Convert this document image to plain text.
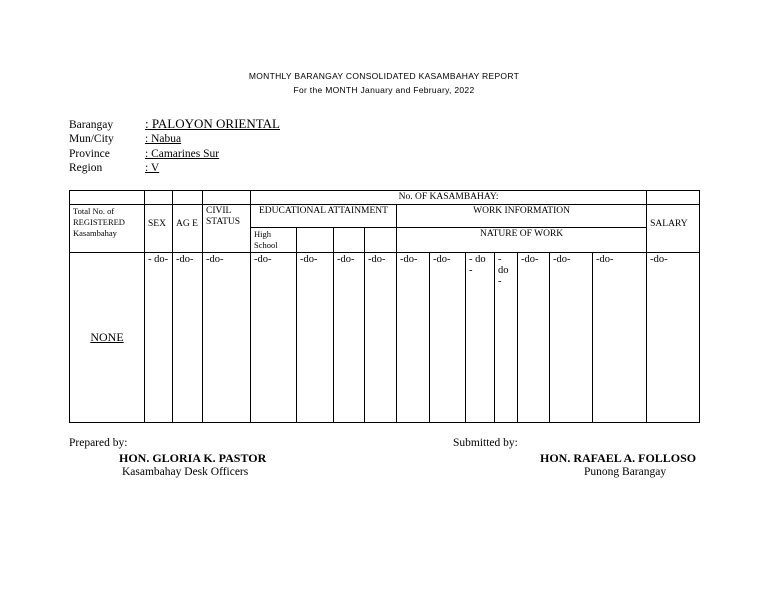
MONTHLY BARANGAY CONSOLIDATED KASAMBAHAY REPORT
For the MONTH January and February, 2022
Barangay : PALOYON ORIENTAL
Mun/City	: Nabua
Province	: Camarines Sur
Region	: V
				No. OF KASAMBAHAY:											
Total No. of REGISTERED Kasambahay	SEX	AG E	CIVIL STATUS	EDUCATIONAL ATTAINMENT				WORK INFORMATION							SALARY
				High School				NATURE OF WORK							
NONE	- do-	-do-	-do-	-do-	-do-	-do-	-do-	-do-	-do-	- do -	- do -	-do-	-do-	-do-	-do-
Prepared by:
HON. GLORIA K. PASTOR
Kasambahay Desk Officers
Submitted by:
HON. RAFAEL A. FOLLOSO
Punong Barangay
